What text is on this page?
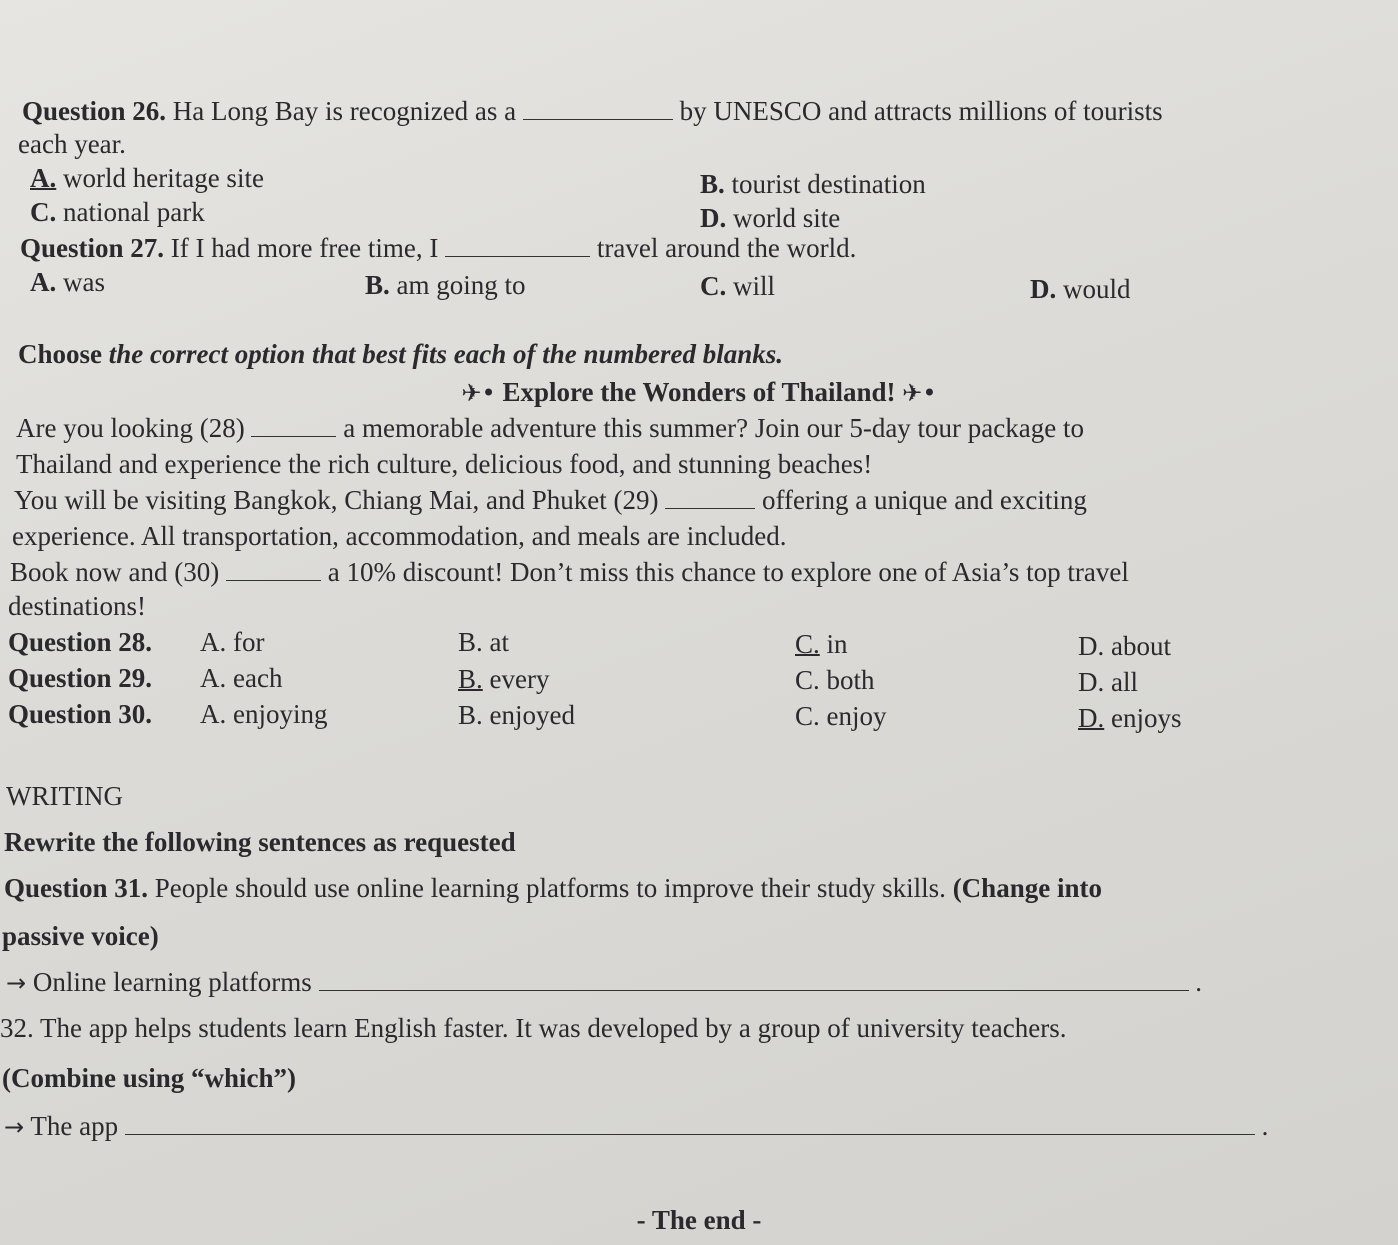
Question 26. Ha Long Bay is recognized as a	by UNESCO and attracts millions of tourists
each year.
A. world heritage site	B. tourist destination
C. national park	D. world site
Question 27. If I had more free time, I	travel around the world.
A. was	B. am going to	C. will	D. would
Choose the correct option that best fits each of the numbered blanks.
✈• Explore the Wonders of Thailand! ✈•
Are you looking (28)	a memorable adventure this summer? Join our 5-day tour package to
Thailand and experience the rich culture, delicious food, and stunning beaches!
You will be visiting Bangkok, Chiang Mai, and Phuket (29)	offering a unique and exciting
experience. All transportation, accommodation, and meals are included.
Book now and (30)	a 10% discount! Don’t miss this chance to explore one of Asia’s top travel
destinations!
Question 28. A. for	B. at	C. in	D. about
Question 29. A. each	B. every	C. both	D. all
Question 30. A. enjoying	B. enjoyed	C. enjoy	D. enjoys
WRITING
Rewrite the following sentences as requested
Question 31. People should use online learning platforms to improve their study skills. (Change into
passive voice)
→ Online learning platforms	.
32. The app helps students learn English faster. It was developed by a group of university teachers.
(Combine using “which”)
→ The app	.
- The end -
